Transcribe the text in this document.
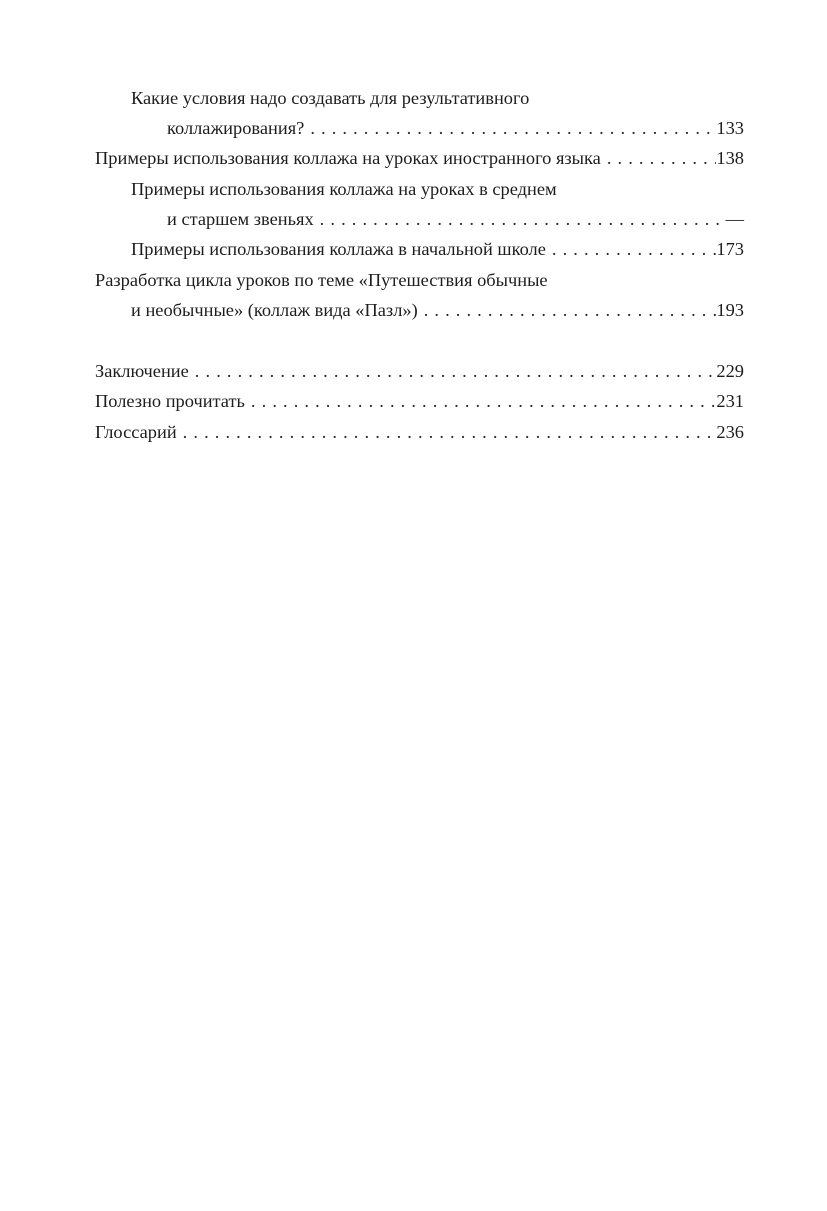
Какие условия надо создавать для результативного
коллажирования? . . .	133
Примеры использования коллажа на уроках иностранного языка . . .	138
Примеры использования коллажа на уроках в среднем
и старшем звеньях . . .	—
Примеры использования коллажа в начальной школе . . .	173
Разработка цикла уроков по теме «Путешествия обычные
и необычные» (коллаж вида «Пазл») . . .	193
Заключение . . .	229
Полезно прочитать . . .	231
Глоссарий . . .	236
